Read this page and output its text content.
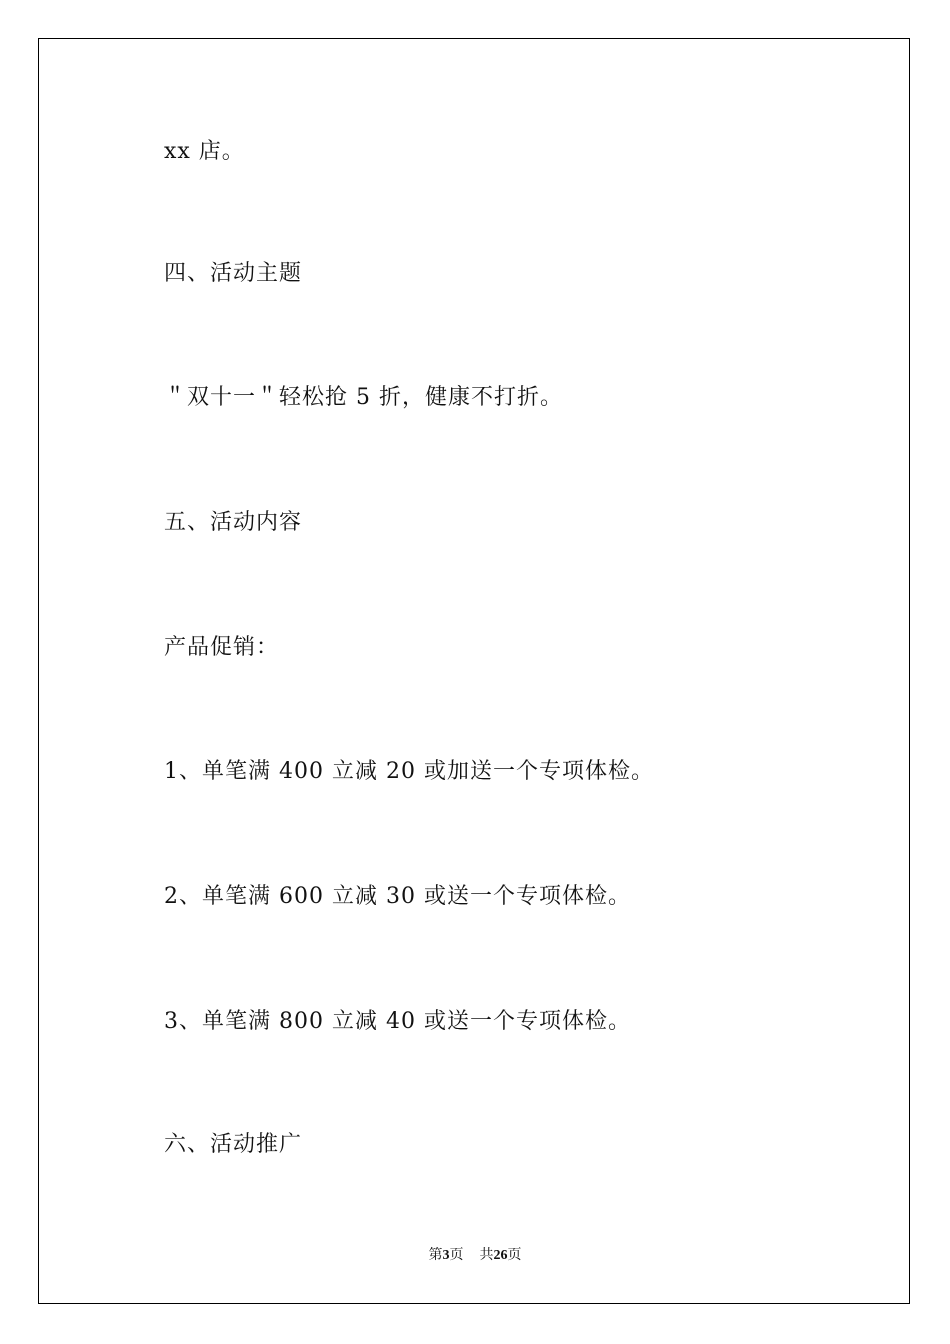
xx 店。
四、活动主题
＂双十一＂轻松抢 5 折，健康不打折。
五、活动内容
产品促销：
1、单笔满 400 立减 20 或加送一个专项体检。
2、单笔满 600 立减 30 或送一个专项体检。
3、单笔满 800 立减 40 或送一个专项体检。
六、活动推广
第3页 共26页
